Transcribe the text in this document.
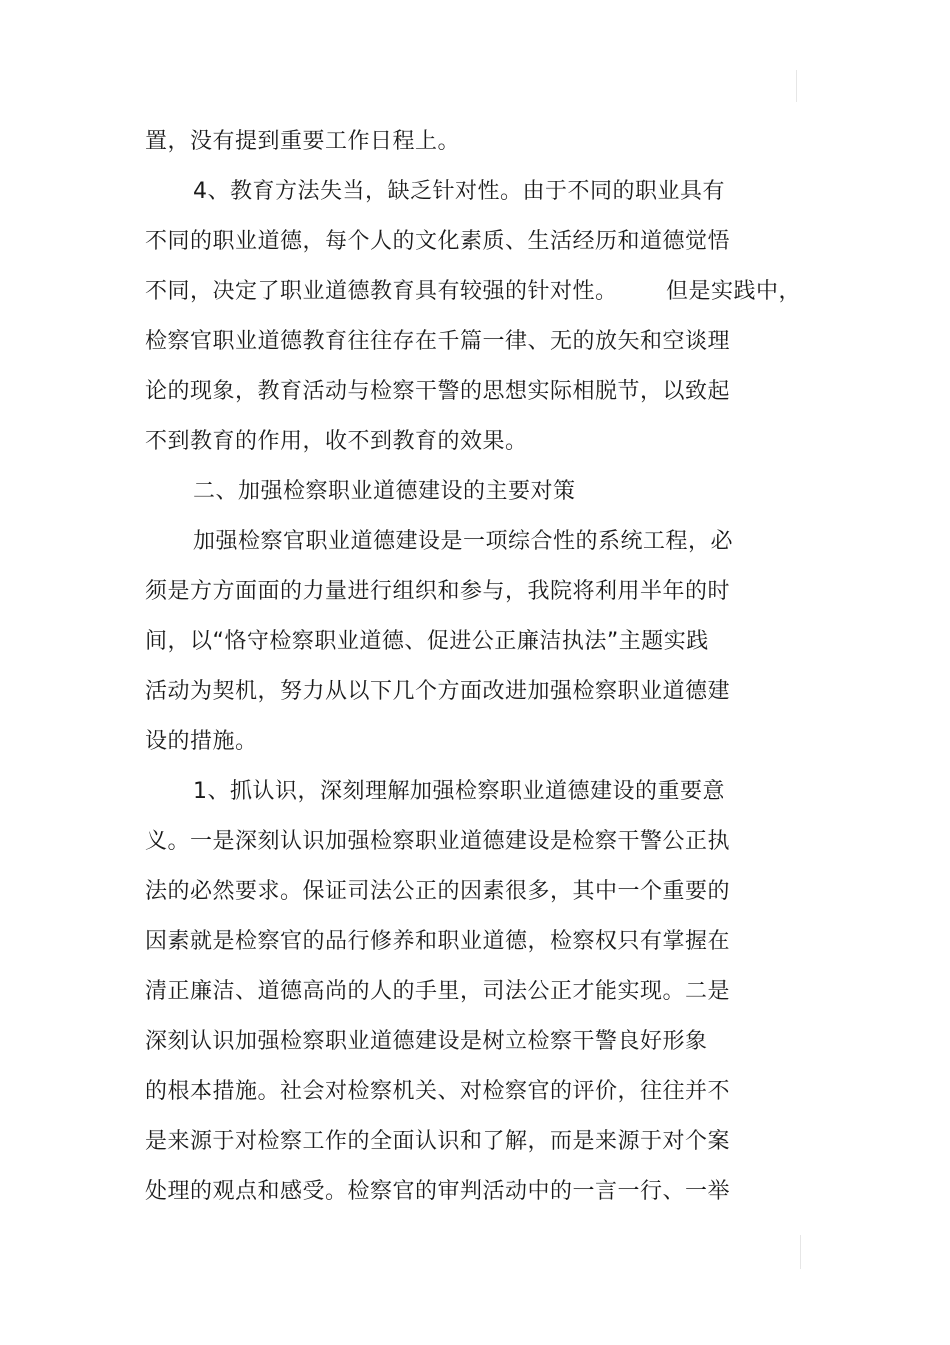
置，没有提到重要工作日程上。
4、教育方法失当，缺乏针对性。由于不同的职业具有
不同的职业道德，每个人的文化素质、生活经历和道德觉悟
不同，决定了职业道德教育具有较强的针对性。 但是实践中，
检察官职业道德教育往往存在千篇一律、无的放矢和空谈理
论的现象，教育活动与检察干警的思想实际相脱节，以致起
不到教育的作用，收不到教育的效果。
二、加强检察职业道德建设的主要对策
加强检察官职业道德建设是一项综合性的系统工程，必
须是方方面面的力量进行组织和参与，我院将利用半年的时
间，以“恪守检察职业道德、促进公正廉洁执法”主题实践
活动为契机，努力从以下几个方面改进加强检察职业道德建
设的措施。
1、抓认识，深刻理解加强检察职业道德建设的重要意
义。一是深刻认识加强检察职业道德建设是检察干警公正执
法的必然要求。保证司法公正的因素很多，其中一个重要的
因素就是检察官的品行修养和职业道德，检察权只有掌握在
清正廉洁、道德高尚的人的手里，司法公正才能实现。二是
深刻认识加强检察职业道德建设是树立检察干警良好形象
的根本措施。社会对检察机关、对检察官的评价，往往并不
是来源于对检察工作的全面认识和了解，而是来源于对个案
处理的观点和感受。检察官的审判活动中的一言一行、一举
